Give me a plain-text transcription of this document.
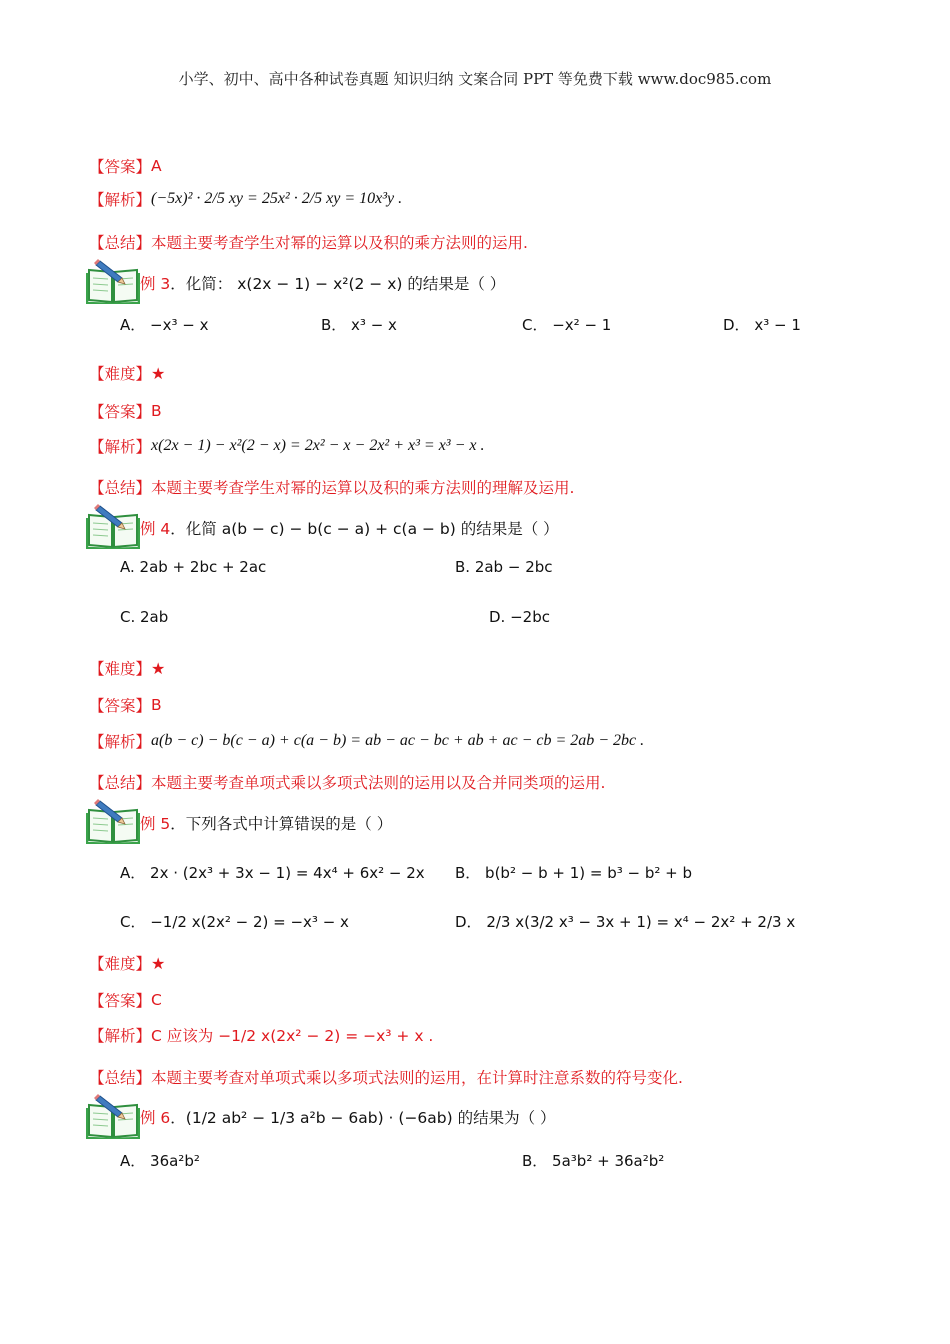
小学、初中、高中各种试卷真题 知识归纳 文案合同 PPT 等免费下载 www.doc985.com
【答案】 A
【解析】 (−5x)² · 2/5 xy = 25x² · 2/5 xy = 10x³y .
【总结】 本题主要考查学生对幂的运算以及积的乘方法则的运用.
例 3 ．化简： x(2x − 1) − x²(2 − x) 的结果是（ ）
A． −x³ − x	B． x³ − x	C． −x² − 1	D． x³ − 1
【难度】 ★
【答案】 B
【解析】 x(2x − 1) − x²(2 − x) = 2x² − x − 2x² + x³ = x³ − x .
【总结】 本题主要考查学生对幂的运算以及积的乘方法则的理解及运用.
例 4 ．化简 a(b − c) − b(c − a) + c(a − b) 的结果是（ ）
A. 2ab + 2bc + 2ac	B. 2ab − 2bc
C. 2ab	D. −2bc
【难度】 ★
【答案】 B
【解析】 a(b − c) − b(c − a) + c(a − b) = ab − ac − bc + ab + ac − cb = 2ab − 2bc .
【总结】 本题主要考查单项式乘以多项式法则的运用以及合并同类项的运用.
例 5 ．下列各式中计算错误的是（ ）
A． 2x · (2x³ + 3x − 1) = 4x⁴ + 6x² − 2x B． b(b² − b + 1) = b³ − b² + b
C． −1/2 x(2x² − 2) = −x³ − x	D． 2/3 x(3/2 x³ − 3x + 1) = x⁴ − 2x² + 2/3 x
【难度】 ★
【答案】 C
【解析】 C 应该为 −1/2 x(2x² − 2) = −x³ + x .
【总结】 本题主要考查对单项式乘以多项式法则的运用，在计算时注意系数的符号变化.
例 6 ．(1/2 ab² − 1/3 a²b − 6ab) · (−6ab) 的结果为（ ）
A． 36a²b²	B． 5a³b² + 36a²b²
